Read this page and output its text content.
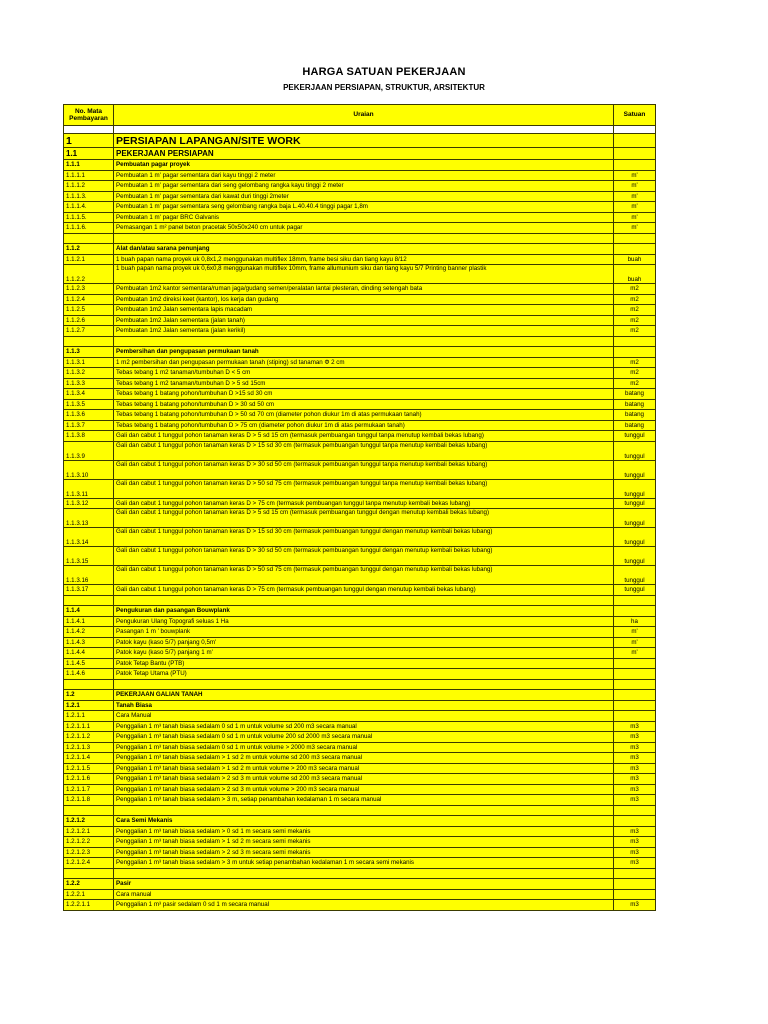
HARGA SATUAN PEKERJAAN
PEKERJAAN PERSIAPAN, STRUKTUR, ARSITEKTUR
No. Mata Pembayaran	Uraian	Satuan

1	PERSIAPAN LAPANGAN/SITE WORK	
1.1	PEKERJAAN PERSIAPAN	
1.1.1	Pembuatan pagar proyek	
1.1.1.1	Pembuatan 1 m' pagar sementara dari kayu tinggi 2 meter	m'
1.1.1.2	Pembuatan 1 m' pagar sementara dari seng gelombang rangka kayu tinggi 2 meter	m'
1.1.1.3.	Pembuatan 1 m' pagar sementara dari kawat duri tinggi 2meter	m'
1.1.1.4.	Pembuatan 1 m' pagar sementara seng gelombang rangka baja L.40.40.4 tinggi pagar 1,8m	m'
1.1.1.5.	Pembuatan 1 m' pagar BRC Galvanis	m'
1.1.1.6.	Pemasangan 1 m² panel beton pracetak 50x50x240 cm untuk pagar	m'

1.1.2	Alat dan/atau sarana penunjang	
1.1.2.1	1 buah papan nama proyek uk 0,8x1,2 menggunakan multiflex 18mm, frame besi siku dan tiang kayu 8/12	buah
1.1.2.2	1 buah papan nama proyek uk 0,6x0,8 menggunakan multiflex 10mm, frame allumunium siku dan tiang kayu 5/7 Printing banner plastik	buah
1.1.2.3	Pembuatan 1m2 kantor sementara/ruman jaga/gudang semen/peralatan lantai plesteran, dinding setengah bata	m2
1.1.2.4	Pembuatan 1m2 direksi keet (kantor), los kerja dan gudang	m2
1.1.2.5	Pembuatan 1m2 Jalan sementara lapis macadam	m2
1.1.2.6	Pembuatan 1m2 Jalan sementara (jalan tanah)	m2
1.1.2.7	Pembuatan 1m2 Jalan sementara (jalan kerikil)	m2

1.1.3	Pembersihan dan pengupasan permukaan tanah	
1.1.3.1	1 m2 pembersihan dan pengupasan permukaan tanah (stiping) sd tanaman Φ 2 cm	m2
1.1.3.2	Tebas tebang 1 m2 tanaman/tumbuhan D < 5 cm	m2
1.1.3.3	Tebas tebang 1 m2 tanaman/tumbuhan D > 5 sd 15cm	m2
1.1.3.4	Tebas tebang 1 batang pohon/tumbuhan D >15 sd 30 cm	batang
1.1.3.5	Tebas tebang 1 batang pohon/tumbuhan D > 30 sd 50 cm	batang
1.1.3.6	Tebas tebang 1 batang pohon/tumbuhan D > 50 sd 70 cm (diameter pohon diukur 1m di atas permukaan tanah)	batang
1.1.3.7	Tebas tebang 1 batang pohon/tumbuhan D > 75 cm (diameter pohon diukur 1m di atas permukaan tanah)	batang
1.1.3.8	Gali dan cabut 1 tunggul pohon tanaman keras D > 5 sd 15 cm (termasuk pembuangan tunggul tanpa menutup kembali bekas lubang)	tunggul
1.1.3.9	Gali dan cabut 1 tunggul pohon tanaman keras D > 15 sd 30 cm (termasuk pembuangan tunggul tanpa menutup kembali bekas lubang)	tunggul
1.1.3.10	Gali dan cabut 1 tunggul pohon tanaman keras D > 30 sd 50 cm (termasuk pembuangan tunggul tanpa menutup kembali bekas lubang)	tunggul
1.1.3.11	Gali dan cabut 1 tunggul pohon tanaman keras D > 50 sd 75 cm (termasuk pembuangan tunggul tanpa menutup kembali bekas lubang)	tunggul
1.1.3.12	Gali dan cabut 1 tunggul pohon tanaman keras D > 75 cm (termasuk pembuangan tunggul tanpa menutup kembali bekas lubang)	tunggul
1.1.3.13	Gali dan cabut 1 tunggul pohon tanaman keras D > 5 sd 15 cm (termasuk pembuangan tunggul dengan menutup kembali bekas lubang)	tunggul
1.1.3.14	Gali dan cabut 1 tunggul pohon tanaman keras D > 15 sd 30 cm (termasuk pembuangan tunggul dengan menutup kembali bekas lubang)	tunggul
1.1.3.15	Gali dan cabut 1 tunggul pohon tanaman keras D > 30 sd 50 cm (termasuk pembuangan tunggul dengan menutup kembali bekas lubang)	tunggul
1.1.3.16	Gali dan cabut 1 tunggul pohon tanaman keras D > 50 sd 75 cm (termasuk pembuangan tunggul dengan menutup kembali bekas lubang)	tunggul
1.1.3.17	Gali dan cabut 1 tunggul pohon tanaman keras D > 75 cm (termasuk pembuangan tunggul dengan menutup kembali bekas lubang)	tunggul

1.1.4	Pengukuran dan pasangan Bouwplank	
1.1.4.1	Pengukuran Ulang Topografi seluas 1 Ha	ha
1.1.4.2	Pasangan 1 m ' bouwplank	m'
1.1.4.3	Patok kayu (kaso 5/7) panjang 0,5m'	m'
1.1.4.4	Patok kayu (kaso 5/7) panjang 1 m'	m'
1.1.4.5	Patok Tetap Bantu (PTB)	
1.1.4.6	Patok Tetap Utama (PTU)	

1.2	PEKERJAAN GALIAN TANAH	
1.2.1	Tanah Biasa	
1.2.1.1	Cara Manual	
1.2.1.1.1	Penggalian 1 m³ tanah biasa sedalam 0 sd 1 m untuk volume sd 200 m3 secara manual	m3
1.2.1.1.2	Penggalian 1 m³ tanah biasa sedalam 0 sd 1 m untuk volume 200 sd 2000 m3 secara manual	m3
1.2.1.1.3	Penggalian 1 m³ tanah biasa sedalam 0 sd 1 m untuk volume > 2000 m3 secara manual	m3
1.2.1.1.4	Penggalian 1 m³ tanah biasa sedalam > 1 sd 2 m untuk volume sd 200 m3 secara manual	m3
1.2.1.1.5	Penggalian 1 m³ tanah biasa sedalam > 1 sd 2 m untuk volume > 200 m3 secara manual	m3
1.2.1.1.6	Penggalian 1 m³ tanah biasa sedalam > 2 sd 3 m untuk volume sd 200 m3 secara manual	m3
1.2.1.1.7	Penggalian 1 m³ tanah biasa sedalam > 2 sd 3 m untuk volume > 200 m3 secara manual	m3
1.2.1.1.8	Penggalian 1 m³ tanah biasa sedalam > 3 m, setiap penambahan kedalaman 1 m secara manual	m3

1.2.1.2	Cara Semi Mekanis	
1.2.1.2.1	Penggalian 1 m³ tanah biasa sedalam > 0 sd 1 m secara semi mekanis	m3
1.2.1.2.2	Penggalian 1 m³ tanah biasa sedalam > 1 sd 2 m secara semi mekanis	m3
1.2.1.2.3	Penggalian 1 m³ tanah biasa sedalam > 2 sd 3 m secara semi mekanis	m3
1.2.1.2.4	Penggalian 1 m³ tanah biasa sedalam > 3 m untuk setiap penambahan kedalaman 1 m secara semi mekanis	m3

1.2.2	Pasir	
1.2.2.1	Cara manual	
1.2.2.1.1	Penggalian 1 m³ pasir sedalam 0 sd 1 m secara manual	m3
